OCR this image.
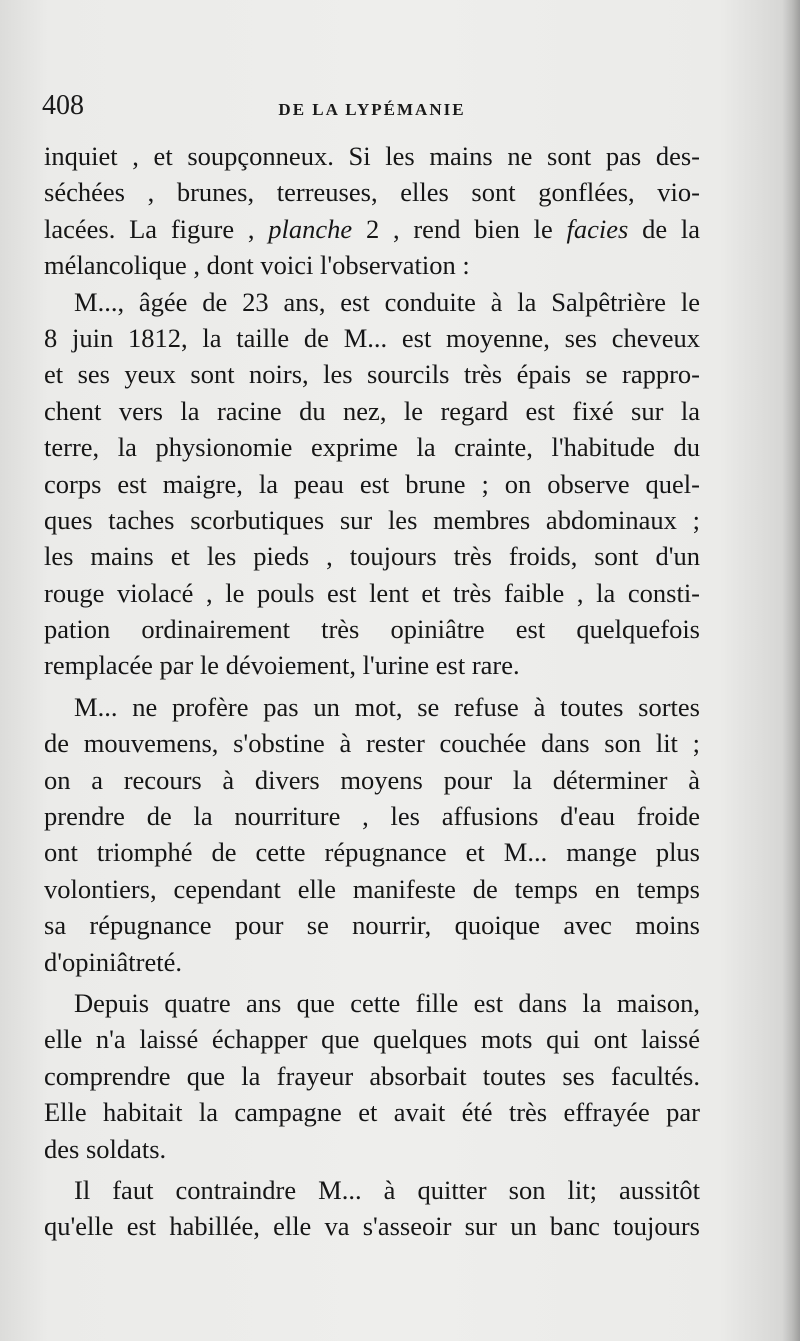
408	DE LA LYPÉMANIE
inquiet , et soupçonneux. Si les mains ne sont pas des-
séchées , brunes, terreuses, elles sont gonflées, vio-
lacées. La figure , planche 2 , rend bien le facies de la
mélancolique , dont voici l'observation :
M..., âgée de 23 ans, est conduite à la Salpêtrière le
8 juin 1812, la taille de M... est moyenne, ses cheveux
et ses yeux sont noirs, les sourcils très épais se rappro-
chent vers la racine du nez, le regard est fixé sur la
terre, la physionomie exprime la crainte, l'habitude du
corps est maigre, la peau est brune ; on observe quel-
ques taches scorbutiques sur les membres abdominaux ;
les mains et les pieds , toujours très froids, sont d'un
rouge violacé , le pouls est lent et très faible , la consti-
pation ordinairement très opiniâtre est quelquefois
remplacée par le dévoiement, l'urine est rare.
M... ne profère pas un mot, se refuse à toutes sortes
de mouvemens, s'obstine à rester couchée dans son lit ;
on a recours à divers moyens pour la déterminer à
prendre de la nourriture , les affusions d'eau froide
ont triomphé de cette répugnance et M... mange plus
volontiers, cependant elle manifeste de temps en temps
sa répugnance pour se nourrir, quoique avec moins
d'opiniâtreté.
Depuis quatre ans que cette fille est dans la maison,
elle n'a laissé échapper que quelques mots qui ont laissé
comprendre que la frayeur absorbait toutes ses facultés.
Elle habitait la campagne et avait été très effrayée par
des soldats.
Il faut contraindre M... à quitter son lit; aussitôt
qu'elle est habillée, elle va s'asseoir sur un banc toujours
